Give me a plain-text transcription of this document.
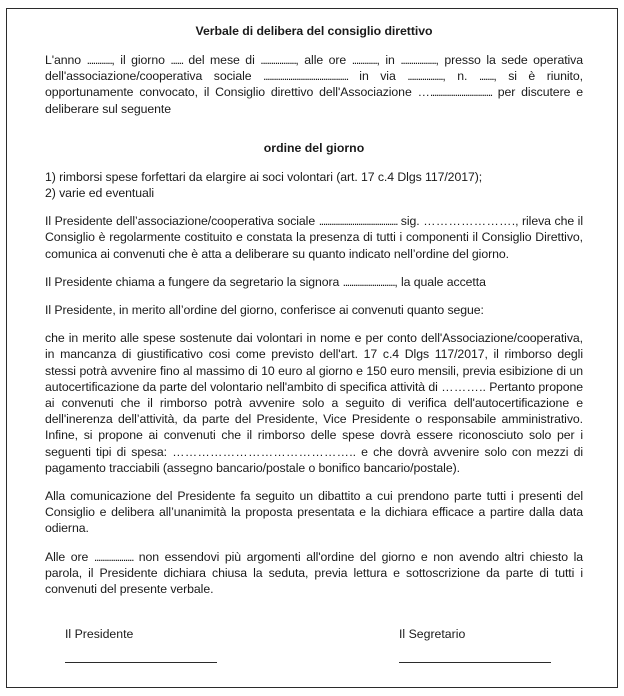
Verbale di delibera del consiglio direttivo

L'anno ............, il giorno ...... del mese di ................., alle ore ............, in ................., presso la sede operativa dell'associazione/cooperativa sociale ......................................... in via ................., n. ......., si è riunito, opportunamente convocato, il Consiglio direttivo dell'Associazione ….............................. per discutere e deliberare sul seguente

ordine del giorno
1) rimborsi spese forfettari da elargire ai soci volontari (art. 17 c.4 Dlgs 117/2017);
2) varie ed eventuali

Il Presidente dell’associazione/cooperativa sociale ...................................... sig. …………………., rileva che il Consiglio è regolarmente costituito e constata la presenza di tutti i componenti il Consiglio Direttivo, comunica ai convenuti che è atta a deliberare su quanto indicato nell’ordine del giorno.

Il Presidente chiama a fungere da segretario la signora ........................., la quale accetta

Il Presidente, in merito all’ordine del giorno, conferisce ai convenuti quanto segue:

che in merito alle spese sostenute dai volontari in nome e per conto dell'Associazione/cooperativa, in mancanza di giustificativo cosi come previsto dell'art. 17 c.4 Dlgs 117/2017, il rimborso degli stessi potrà avvenire fino al massimo di 10 euro al giorno e 150 euro mensili, previa esibizione di un autocertificazione da parte del volontario nell'ambito di specifica attività di ……….. Pertanto propone ai convenuti che il rimborso potrà avvenire solo a seguito di verifica dell'autocertificazione e dell'inerenza dell’attività, da parte del Presidente, Vice Presidente o responsabile amministrativo. Infine, si propone ai convenuti che il rimborso delle spese dovrà essere riconosciuto solo per i seguenti tipi di spesa: …………………………………….. e che dovrà avvenire solo con mezzi di pagamento tracciabili (assegno bancario/postale o bonifico bancario/postale).

Alla comunicazione del Presidente fa seguito un dibattito a cui prendono parte tutti i presenti del Consiglio e delibera all’unanimità la proposta presentata e la dichiara efficace a partire dalla data odierna.

Alle ore ................... non essendovi più argomenti all'ordine del giorno e non avendo altri chiesto la parola, il Presidente dichiara chiusa la seduta, previa lettura e sottoscrizione da parte di tutti i convenuti del presente verbale.

Il Presidente	Il Segretario
